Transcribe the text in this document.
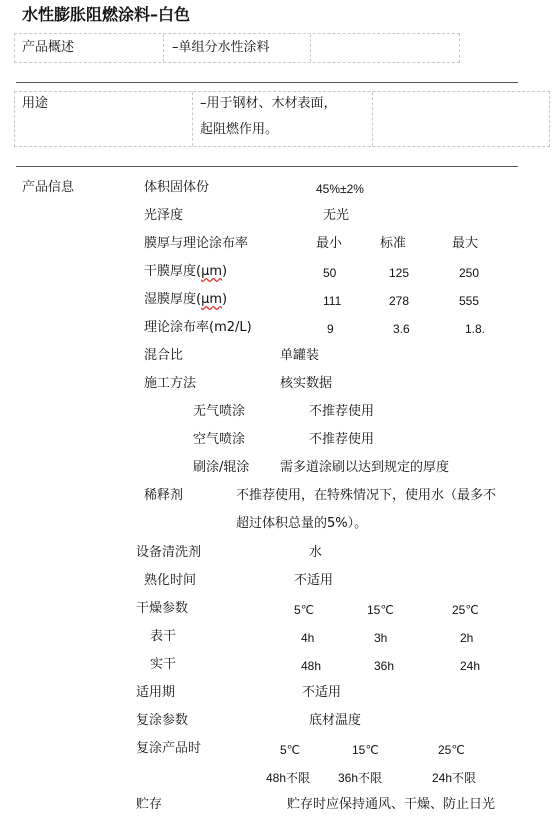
水性膨胀阻燃涂料–白色
产品概述	–单组分水性涂料
用途	–用于钢材、木材表面，
起阻燃作用。
产品信息	体积固体份	45%±2%
光泽度	无光
膜厚与理论涂布率	最小	标准	最大
干膜厚度(μm)	50	125	250
湿膜厚度(μm)	111	278	555
理论涂布率(m2/L)	9	3.6	1.8.
混合比	单罐装
施工方法	核实数据
无气喷涂	不推荐使用
空气喷涂	不推荐使用
刷涂/辊涂 需多道涂刷以达到规定的厚度
稀释剂	不推荐使用，在特殊情况下，使用水（最多不
超过体积总量的5%）。
设备清洗剂	水
熟化时间	不适用
干燥参数	5℃	15℃	25℃
表干	4h	3h	2h
实干	48h	36h	24h
适用期	不适用
复涂参数	底材温度
复涂产品时	5℃	15℃	25℃
48h不限 36h不限	24h不限
贮存	贮存时应保持通风、干燥、防止日光
